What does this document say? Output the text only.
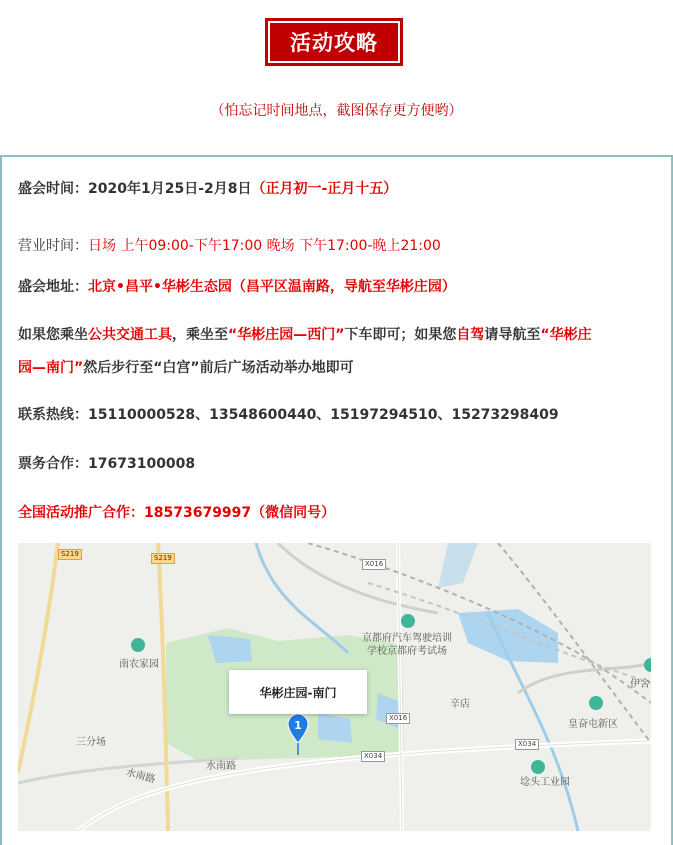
活动攻略
（怕忘记时间地点，截图保存更方便哟）
盛会时间：2020年1月25日-2月8日（正月初一-正月十五）
营业时间：日场 上午09:00-下午17:00 晚场 下午17:00-晚上21:00
盛会地址：北京•昌平•华彬生态园（昌平区温南路，导航至华彬庄园）
如果您乘坐公共交通工具，乘坐至“华彬庄园—西门”下车即可；如果您自驾请导航至“华彬庄
园—南门”然后步行至“白宫”前后广场活动举办地即可
联系热线：15110000528、13548600440、15197294510、15273298409
票务合作：17673100008
全国活动推广合作：18573679997（微信同号）
1
华彬庄园-南门
南农家园
三分场
京都府汽车驾驶培训
学校京都府考试场
辛店
皇奋屯新区
伊舍
埝头工业园
水南路
水南路
S219	S219
X016
X016
X034
X034
